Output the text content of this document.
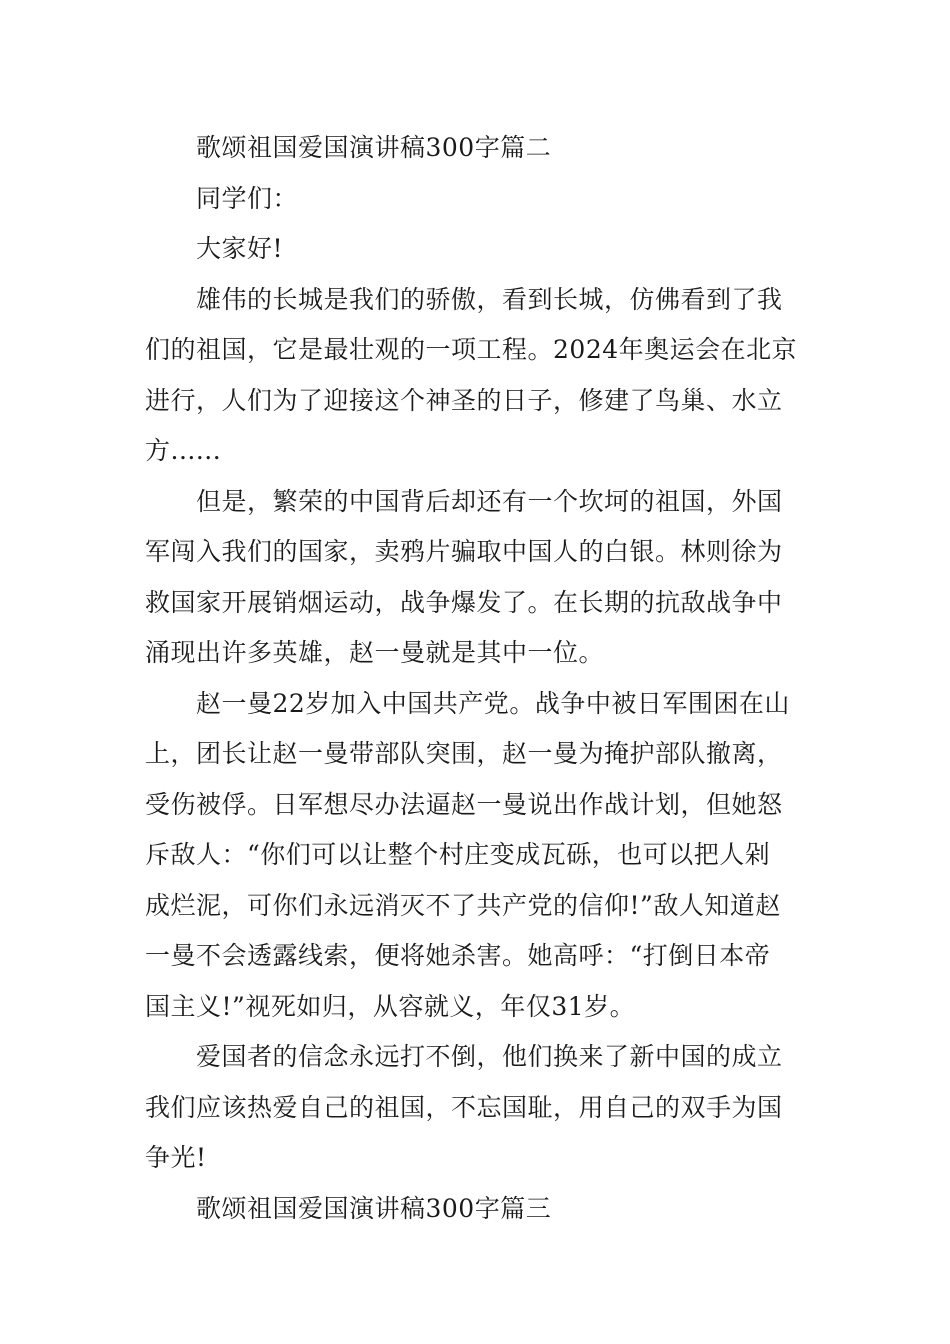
歌颂祖国爱国演讲稿300字篇二

同学们：

大家好!

雄伟的长城是我们的骄傲，看到长城，仿佛看到了我

们的祖国，它是最壮观的一项工程。2024年奥运会在北京

进行，人们为了迎接这个神圣的日子，修建了鸟巢、水立

方......

但是，繁荣的中国背后却还有一个坎坷的祖国，外国

军闯入我们的国家，卖鸦片骗取中国人的白银。林则徐为

救国家开展销烟运动，战争爆发了。在长期的抗敌战争中

涌现出许多英雄，赵一曼就是其中一位。

赵一曼22岁加入中国共产党。战争中被日军围困在山

上，团长让赵一曼带部队突围，赵一曼为掩护部队撤离，

受伤被俘。日军想尽办法逼赵一曼说出作战计划，但她怒

斥敌人：“你们可以让整个村庄变成瓦砾，也可以把人剁

成烂泥，可你们永远消灭不了共产党的信仰!”敌人知道赵

一曼不会透露线索，便将她杀害。她高呼：“打倒日本帝

国主义!”视死如归，从容就义，年仅31岁。

爱国者的信念永远打不倒，他们换来了新中国的成立

我们应该热爱自己的祖国，不忘国耻，用自己的双手为国

争光!

歌颂祖国爱国演讲稿300字篇三
